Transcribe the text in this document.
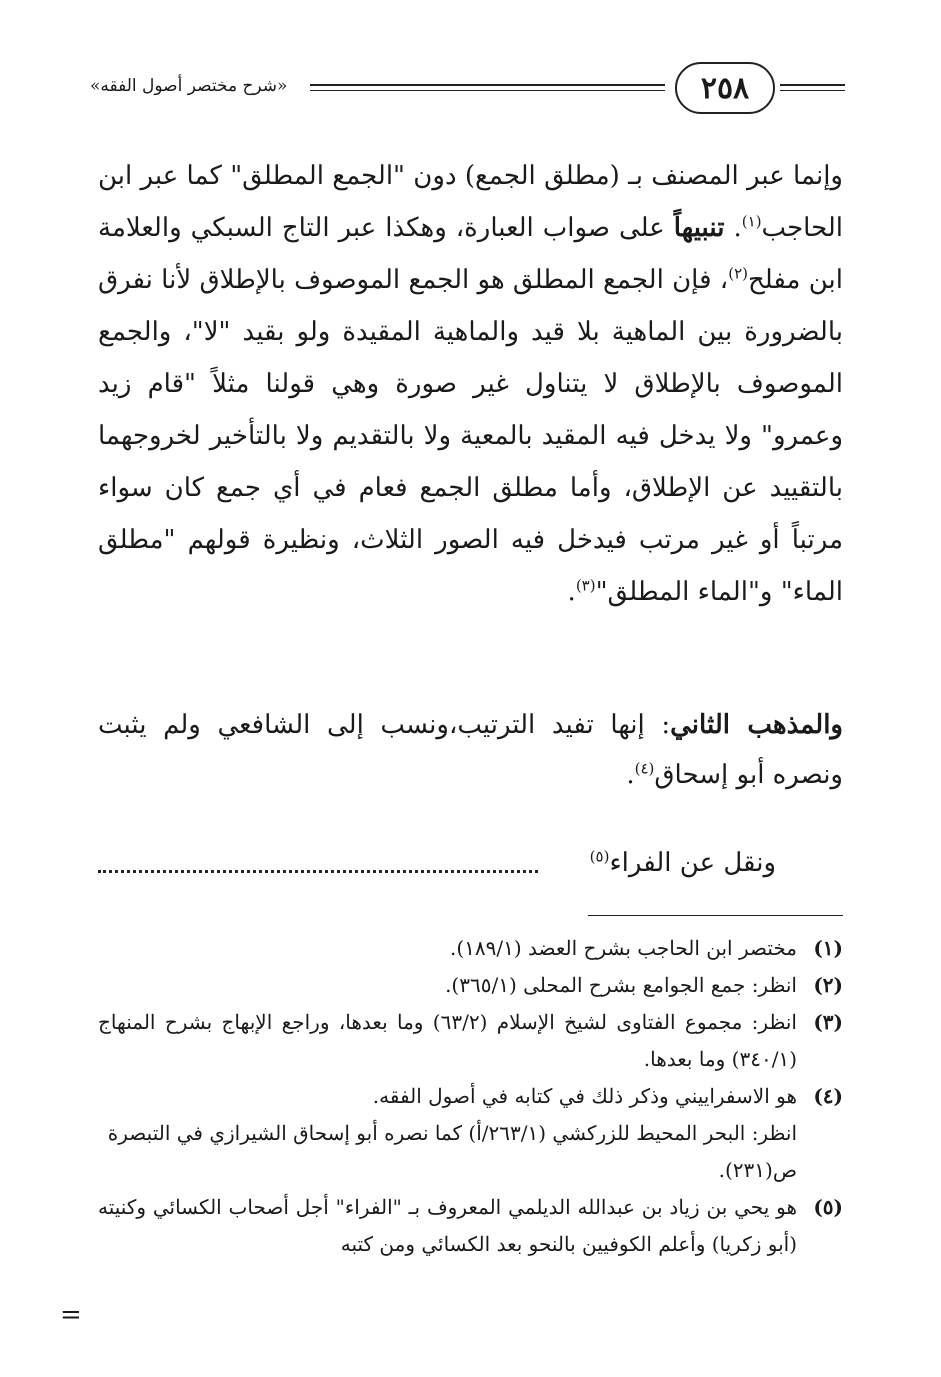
«شرح مختصر أصول الفقه»	٢٥٨

وإنما عبر المصنف بـ (مطلق الجمع) دون "الجمع المطلق" كما عبر ابن الحاجب$^{(١)}$. تنبيهاً على صواب العبارة، وهكذا عبر التاج السبكي والعلامة ابن مفلح$^{(٢)}$، فإن الجمع المطلق هو الجمع الموصوف بالإطلاق لأنا نفرق بالضرورة بين الماهية بلا قيد والماهية المقيدة ولو بقيد "لا"، والجمع الموصوف بالإطلاق لا يتناول غير صورة وهي قولنا مثلاً "قام زيد وعمرو" ولا يدخل فيه المقيد بالمعية ولا بالتقديم ولا بالتأخير لخروجهما بالتقييد عن الإطلاق، وأما مطلق الجمع فعام في أي جمع كان سواء مرتباً أو غير مرتب فيدخل فيه الصور الثلاث، ونظيرة قولهم "مطلق الماء" و"الماء المطلق"$^{(٣)}$.

والمذهب الثاني: إنها تفيد الترتيب،ونسب إلى الشافعي ولم يثبت ونصره أبو إسحاق$^{(٤)}$.

ونقل عن الفراء$^{(٥)}$

(١)
مختصر ابن الحاجب بشرح العضد (١٨٩/١).

(٢)
انظر: جمع الجوامع بشرح المحلى (٣٦٥/١).

(٣)
انظر: مجموع الفتاوى لشيخ الإسلام (٦٣/٢) وما بعدها، وراجع الإبهاج بشرح المنهاج (٣٤٠/١) وما بعدها.

(٤)
هو الاسفراييني وذكر ذلك في كتابه في أصول الفقه.

انظر: البحر المحيط للزركشي (٢٦٣/١/أ) كما نصره أبو إسحاق الشيرازي في التبصرة ص(٢٣١).

(٥)
هو يحي بن زياد بن عبدالله الديلمي المعروف بـ "الفراء" أجل أصحاب الكسائي وكنيته (أبو زكريا) وأعلم الكوفيين بالنحو بعد الكسائي ومن كتبه

=
